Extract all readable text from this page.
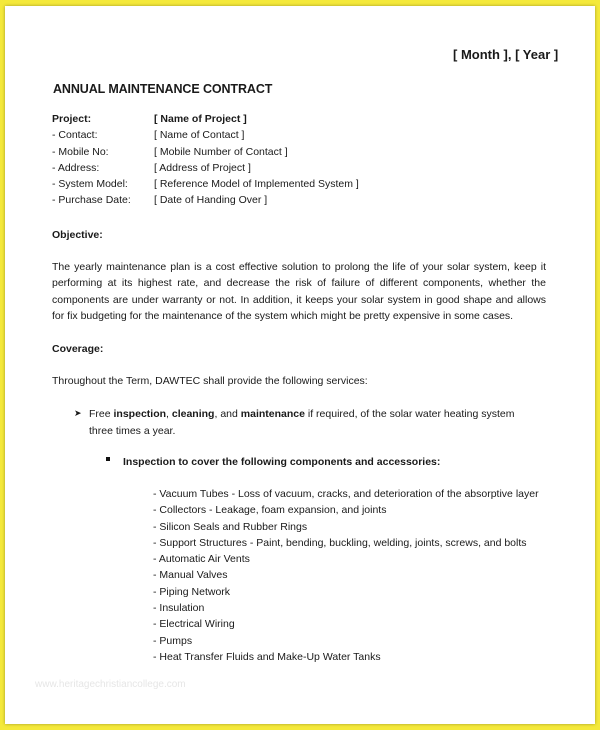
[ Month ], [ Year ]
ANNUAL MAINTENANCE CONTRACT
Project:	[ Name of Project ]
- Contact:	[ Name of Contact ]
- Mobile No:	[ Mobile Number of Contact ]
- Address:	[ Address of Project ]
- System Model: [ Reference Model of Implemented System ]
- Purchase Date: [ Date of Handing Over ]
Objective:
The yearly maintenance plan is a cost effective solution to prolong the life of your solar system, keep it performing at its highest rate, and decrease the risk of failure of different components, whether the components are under warranty or not. In addition, it keeps your solar system in good shape and allows for fix budgeting for the maintenance of the system which might be pretty expensive in some cases.
Coverage:
Throughout the Term, DAWTEC shall provide the following services:
➤ Free inspection, cleaning, and maintenance if required, of the solar water heating system three times a year.
Inspection to cover the following components and accessories:
- Vacuum Tubes - Loss of vacuum, cracks, and deterioration of the absorptive layer
- Collectors - Leakage, foam expansion, and joints
- Silicon Seals and Rubber Rings
- Support Structures - Paint, bending, buckling, welding, joints, screws, and bolts
- Automatic Air Vents
- Manual Valves
- Piping Network
- Insulation
- Electrical Wiring
- Pumps
- Heat Transfer Fluids and Make-Up Water Tanks
www.heritagechristiancollege.com
